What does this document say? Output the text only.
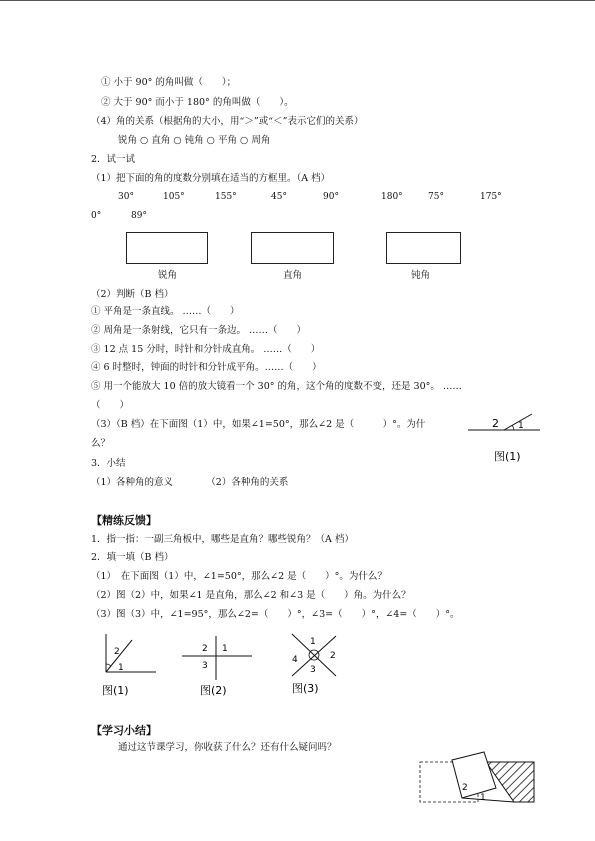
① 小于 90° 的角叫做（　　）；
② 大于 90° 而小于 180° 的角叫做（　　）。
（4）角的关系（根据角的大小，用“＞”或“＜”表示它们的关系）
锐角 ○ 直角 ○ 钝角 ○ 平角 ○ 周角
2．试一试
（1）把下面的角的度数分别填在适当的方框里。（A 档）
30°	105°	155°	45°	90°	180°	75°	175°
0°	89°
锐角	直角	钝角
（2）判断（B 档）
① 平角是一条直线。 ……（　　）
② 周角是一条射线，它只有一条边。 ……（　　）
③ 12 点 15 分时，时针和分针成直角。 ……（　　）
④ 6 时整时，钟面的时针和分针成平角。……（　　）
⑤ 用一个能放大 10 倍的放大镜看一个 30° 的角，这个角的度数不变，还是 30°。 ……
（　　）
（3）（B 档）在下面图（1）中，如果∠1=50°，那么∠2 是（　　　）°。为什
么？
3．小结
（1）各种角的意义　　　　（2）各种角的关系
2 1
图(1)
【精练反馈】
1．指一指：一副三角板中，哪些是直角？哪些锐角？（A 档）
2．填一填（B 档）
（1）　在下面图（1）中，∠1=50°，那么∠2 是（　　）°。为什么？
（2）图（2）中，如果∠1 是直角，那么∠2 和∠3 是（　　）角。为什么？
（3）图（3）中，∠1=95°，那么∠2=（　　）°，∠3=（　　）°，∠4=（　　）°。
2
1
图(1)
2 1
3
图(2)
1
2
3
4
图(3)
【学习小结】
通过这节课学习，你收获了什么？还有什么疑问吗？
2
1
